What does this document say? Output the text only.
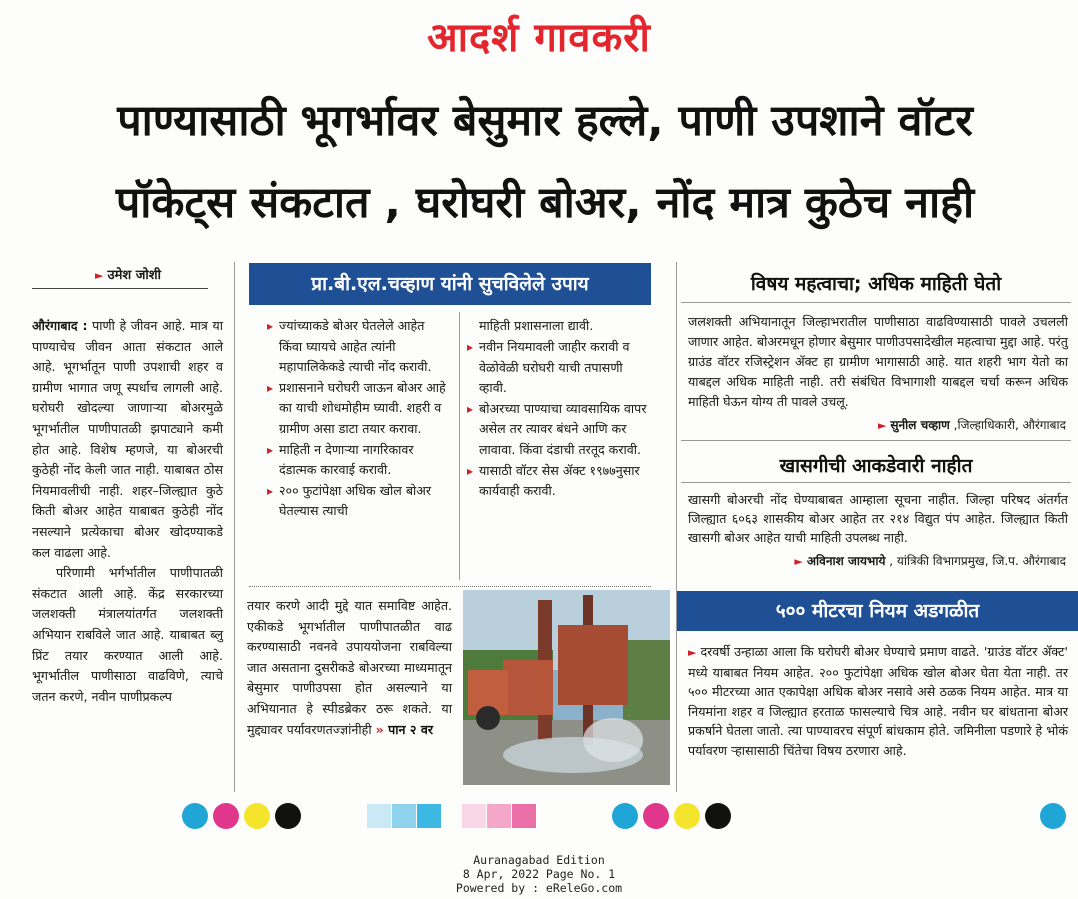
आदर्श गावकरी
पाण्यासाठी भूगर्भावर बेसुमार हल्ले, पाणी उपशाने वॉटर
पॉकेट्स संकटात , घरोघरी बोअर, नोंद मात्र कुठेच नाही
► उमेश जोशी

औरंगाबाद : पाणी हे जीवन आहे. मात्र या पाण्याचेच जीवन आता संकटात आले आहे. भूगर्भातून पाणी उपशाची शहर व ग्रामीण भागात जणू स्पर्धाच लागली आहे. घरोघरी खोदल्या जाणाऱ्या बोअरमुळे भूगर्भातील पाणीपातळी झपाट्याने कमी होत आहे. विशेष म्हणजे, या बोअरची कुठेही नोंद केली जात नाही. याबाबत ठोस नियमावलीची नाही. शहर–जिल्ह्यात कुठे किती बोअर आहेत याबाबत कुठेही नोंद नसल्याने प्रत्येकाचा बोअर खोदण्याकडे कल वाढला आहे.

परिणामी भर्गर्भातील पाणीपातळी संकटात आली आहे. केंद्र सरकारच्या जलशक्ती मंत्रालयांतर्गत जलशक्ती अभियान राबविले जात आहे. याबाबत ब्लु प्रिंट तयार करण्यात आली आहे. भूगर्भातील पाणीसाठा वाढविणे, त्याचे जतन करणे, नवीन पाणीप्रकल्प

प्रा.बी.एल.चव्हाण यांनी सुचविलेले उपाय
▸ ज्यांच्याकडे बोअर घेतलेले आहेत किंवा घ्यायचे आहेत त्यांनी महापालिकेकडे त्याची नोंद करावी.
▸ प्रशासनाने घरोघरी जाऊन बोअर आहे का याची शोधमोहीम घ्यावी. शहरी व ग्रामीण असा डाटा तयार करावा.
▸ माहिती न देणाऱ्या नागरिकावर दंडात्मक कारवाई करावी.
▸ २०० फुटांपेक्षा अधिक खोल बोअर घेतल्यास त्याची
माहिती प्रशासनाला द्यावी.
▸ नवीन नियमावली जाहीर करावी व वेळोवेळी घरोघरी याची तपासणी व्हावी.
▸ बोअरच्या पाण्याचा व्यावसायिक वापर असेल तर त्यावर बंधने आणि कर लावावा. किंवा दंडाची तरतूद करावी.
▸ यासाठी वॉटर सेस ॲक्ट १९७७नुसार कार्यवाही करावी.

तयार करणे आदी मुद्दे यात समाविष्ट आहेत. एकीकडे भूगर्भातील पाणीपातळीत वाढ करण्यासाठी नवनवे उपाययोजना राबविल्या जात असताना दुसरीकडे बोअरच्या माध्यमातून बेसुमार पाणीउपसा होत असल्याने या अभियानात हे स्पीडब्रेकर ठरू शकते. या मुद्द्यावर पर्यावरणतज्ज्ञांनीही » पान २ वर

विषय महत्वाचा; अधिक माहिती घेतो
जलशक्ती अभियानातून जिल्हाभरातील पाणीसाठा वाढविण्यासाठी पावले उचलली जाणार आहेत. बोअरमधून होणार बेसुमार पाणीउपसादेखील महत्वाचा मुद्दा आहे. परंतु ग्राउंड वॉटर रजिस्ट्रेशन ॲक्ट हा ग्रामीण भागासाठी आहे. यात शहरी भाग येतो का याबद्दल अधिक माहिती नाही. तरी संबंधित विभागाशी याबद्दल चर्चा करून अधिक माहिती घेऊन योग्य ती पावले उचलू.
► सुनील चव्हाण ,जिल्हाधिकारी, औरंगाबाद
खासगीची आकडेवारी नाहीत
खासगी बोअरची नोंद घेण्याबाबत आम्हाला सूचना नाहीत. जिल्हा परिषद अंतर्गत जिल्ह्यात ६०६३ शासकीय बोअर आहेत तर २१४ विद्युत पंप आहेत. जिल्ह्यात किती खासगी बोअर आहेत याची माहिती उपलब्ध नाही.
► अविनाश जायभाये , यांत्रिकी विभागप्रमुख, जि.प. औरंगाबाद
५०० मीटरचा नियम अडगळीत
► दरवर्षी उन्हाळा आला कि घरोघरी बोअर घेण्याचे प्रमाण वाढते. 'ग्राउंड वॉटर ॲक्ट' मध्ये याबाबत नियम आहेत. २०० फुटांपेक्षा अधिक खोल बोअर घेता येता नाही. तर ५०० मीटरच्या आत एकापेक्षा अधिक बोअर नसावे असे ठळक नियम आहेत. मात्र या नियमांना शहर व जिल्ह्यात हरताळ फासल्याचे चित्र आहे. नवीन घर बांधताना बोअर प्रकर्षाने घेतला जातो. त्या पाण्यावरच संपूर्ण बांधकाम होते. जमिनीला पडणारे हे भोकं पर्यावरण ऱ्हासासाठी चिंतेचा विषय ठरणारा आहे.
Auranagabad Edition
8 Apr, 2022 Page No. 1
Powered by : eReleGo.com
